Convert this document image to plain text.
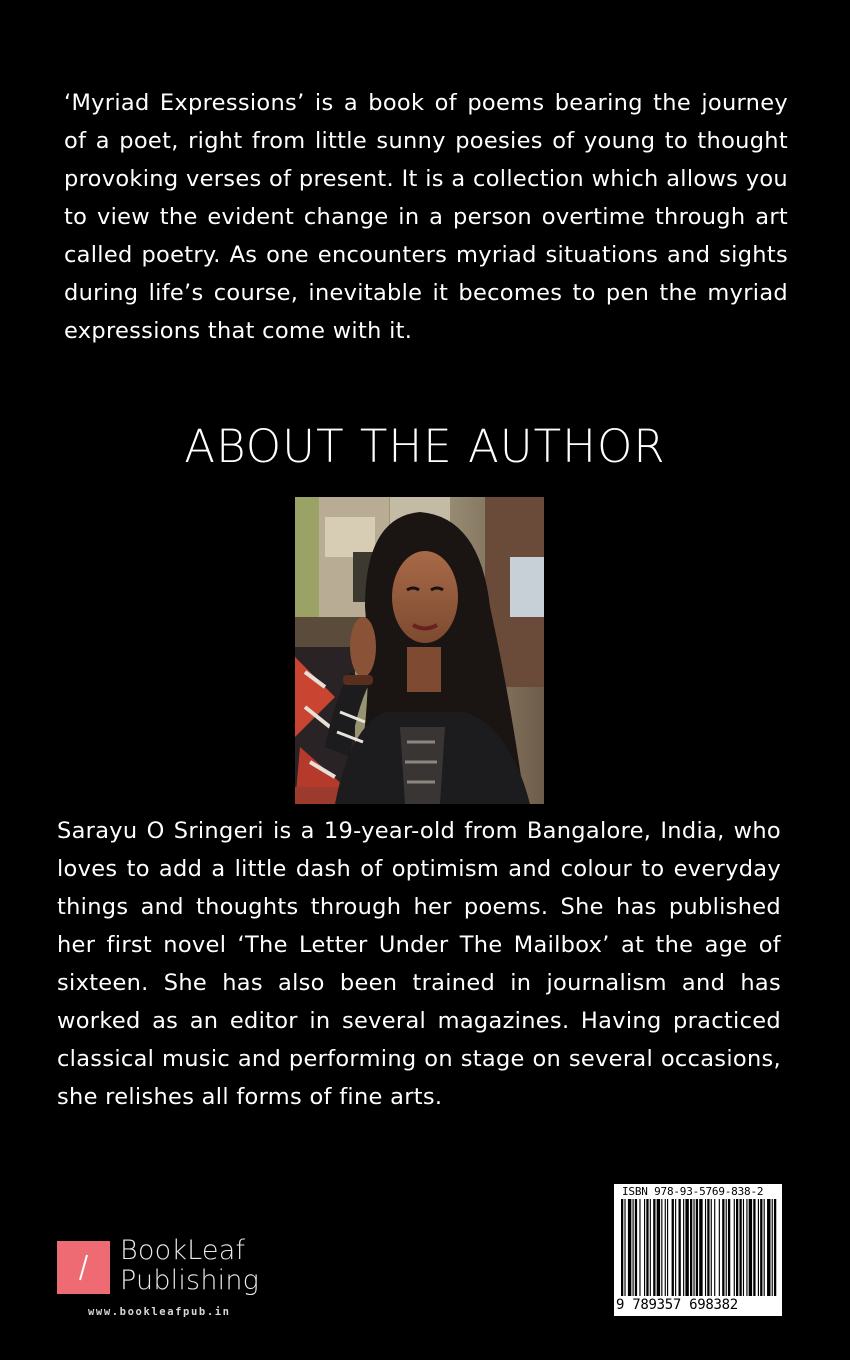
‘Myriad Expressions’ is a book of poems bearing the journey of a poet, right from little sunny poesies of young to thought provoking verses of present. It is a collection which allows you to view the evident change in a person overtime through art called poetry. As one encounters myriad situations and sights during life’s course, inevitable it becomes to pen the myriad expressions that come with it.

ABOUT THE AUTHOR

Sarayu O Sringeri is a 19-year-old from Bangalore, India, who loves to add a little dash of optimism and colour to everyday things and thoughts through her poems. She has published her first novel ‘The Letter Under The Mailbox’ at the age of sixteen. She has also been trained in journalism and has worked as an editor in several magazines. Having practiced classical music and performing on stage on several occasions, she relishes all forms of fine arts.

BookLeaf
Publishing
www.bookleafpub.in
ISBN 978-93-5769-838-2
9 789357 698382
